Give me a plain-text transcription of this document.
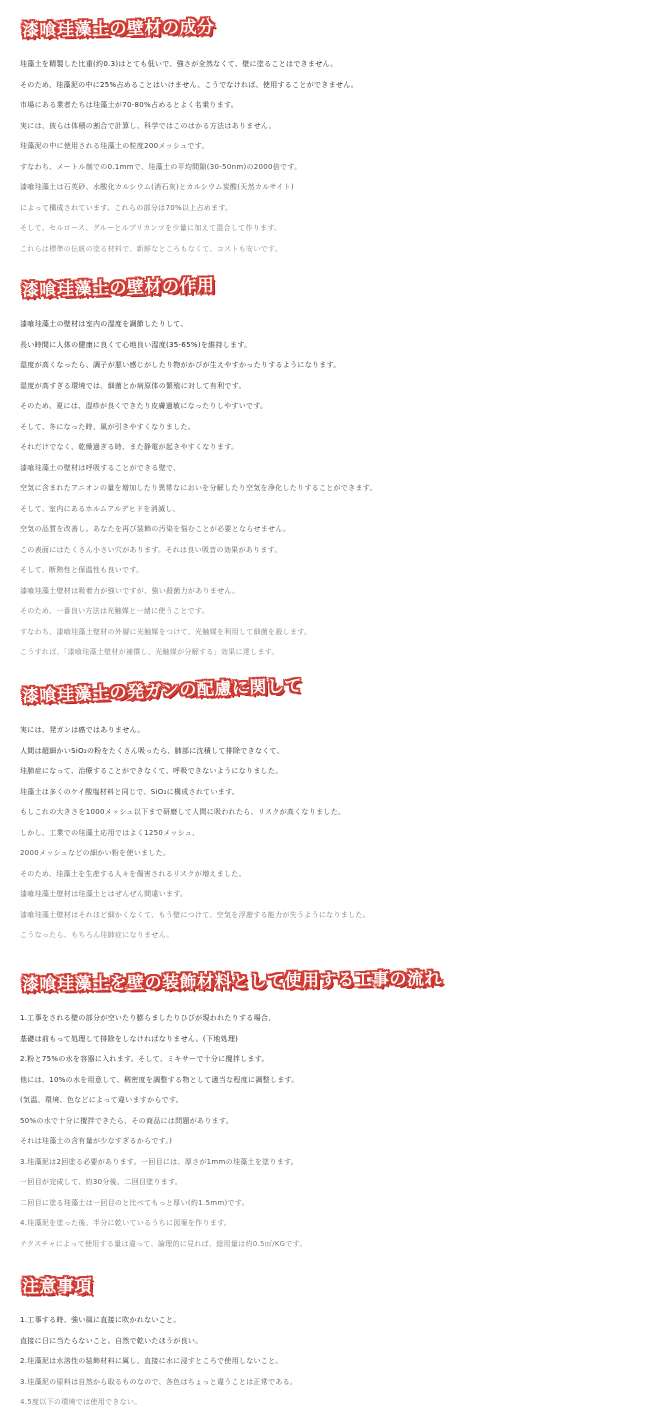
漆喰珪藻土の壁材の成分
珪藻土を精製した比重(約0.3)はとても低いで、強さが全然なくて、壁に塗ることはできません。
そのため、珪藻泥の中に25%占めることはいけません。こうでなければ、使用することができません。
市場にある業者たちは珪藻土が70-80%占めるとよく名乗ります。
実には、彼らは体積の割合で計算し、科学ではこのはかる方法はありません。
珪藻泥の中に使用される珪藻土の粒度200メッシュです。
すなわち、メートル制での0.1mmで、珪藻土の平均間隙(30-50nm)の2000倍です。
漆喰珪藻土は石英砂、水酸化カルシウム(消石灰)とカルシウム炭酸(天然カルサイト)
によって構成されています。これらの部分は70%以上占めます。
そして、セルロース、グルーとルブリカンツを少量に加えて混合して作ります。
これらは標準の伝統の塗る材料で、新鮮なところもなくて、コストも安いです。
漆喰珪藻土の壁材の作用
漆喰珪藻土の壁材は室内の湿度を調節したりして、
長い時間に人体の健康に良くて心地良い湿度(35-65%)を維持します。
湿度が高くなったら、調子が悪い感じがしたり物がかびが生えやすかったりするようになります。
湿度が高すぎる環境では、細菌とか病原体の繁殖に対して有利です。
そのため、夏には、湿疹が良くできたり皮膚過敏になったりしやすいです。
そして、冬になった時、風が引きやすくなりました。
それだけでなく、乾燥過ぎる時、また静電が起きやすくなります。
漆喰珪藻土の壁材は呼吸することができる壁で、
空気に含まれたアニオンの量を増加したり異常なにおいを分解したり空気を浄化したりすることができます。
そして、室内にあるホルムアルデヒドを消滅し、
空気の品質を改善し。あなたを再び装飾の汚染を悩むことが必要とならせません。
この表面にはたくさん小さい穴があります。それは良い吸音の効果があります。
そして、断熱性と保温性も良いです。
漆喰珪藻土壁材は吸着力が強いですが、強い殺菌力がありません。
そのため、一番良い方法は光触媒と一緒に使うことです。
すなわち、漆喰珪藻土壁材の外層に光触媒をつけて、光触媒を利用して細菌を殺します。
こうすれば、「漆喰珪藻土壁材が補償し、光触媒が分解する」効果に達します。
漆喰珪藻土の発ガンの配慮に関して
実には、発ガンは癌ではありません。
人間は超細かいSiO₂の粉をたくさん吸ったら、肺部に沈積して排除できなくて、
珪肺症になって、治療することができなくて、呼吸できないようになりました。
珪藻土は多くのケイ酸塩材料と同じで、SiO₂に構成されています。
もしこれの大きさを1000メッシュ以下まで研磨して人間に吸われたら、リスクが高くなりました。
しかし、工業での珪藻土応用ではよく1250メッシュ、
2000メッシュなどの細かい粉を使いました。
そのため、珪藻土を生産する人々を傷害されるリスクが増えました。
漆喰珪藻土壁材は珪藻土とはぜんぜん間違います。
漆喰珪藻土壁材はそれほど細かくなくて、もう壁につけて、空気を浮遊する能力が失うようになりました。
こうなったら、もちろん珪肺症になりません。
漆喰珪藻土を壁の装飾材料として使用する工事の流れ
1.工事をされる壁の部分が空いたり膨らましたりひびが現われたりする場合、
基礎は前もって処理して排除をしなければなりません。(下地処理)
2.粉と75%の水を容器に入れます。そして、ミキサーで十分に攪拌します。
他には、10%の水を用意して、稠密度を調整する物として適当な程度に調整します。
(気温、環境、色などによって違いますからです。
50%の水で十分に攪拌できたら、その商品には問題があります。
それは珪藻土の含有量が少なすぎるからです。)
3.珪藻泥は2回塗る必要があります。一回目には、厚さが1mmの珪藻土を塗ります。
一回目が完成して、約30分後、二回目塗ります。
二回目に塗る珪藻土は一回目のと比べてもっと厚い(約1.5mm)です。
4.珪藻泥を塗った後、半分に乾いているうちに図案を作ります。
テクスチャによって使用する量は違って、論理的に見れば、総用量は約0.5㎡/KGです。
注意事項
1.工事する時、強い風に直接に吹かれないこと。
直接に日に当たらないこと。自然で乾いたほうが良い。
2.珪藻泥は水溶性の装飾材料に属し、直接に水に浸すところで使用しないこと。
3.珪藻泥の原料は自然から取るものなので、各色はちょっと違うことは正常である。
4.5度以下の環境では使用できない。
